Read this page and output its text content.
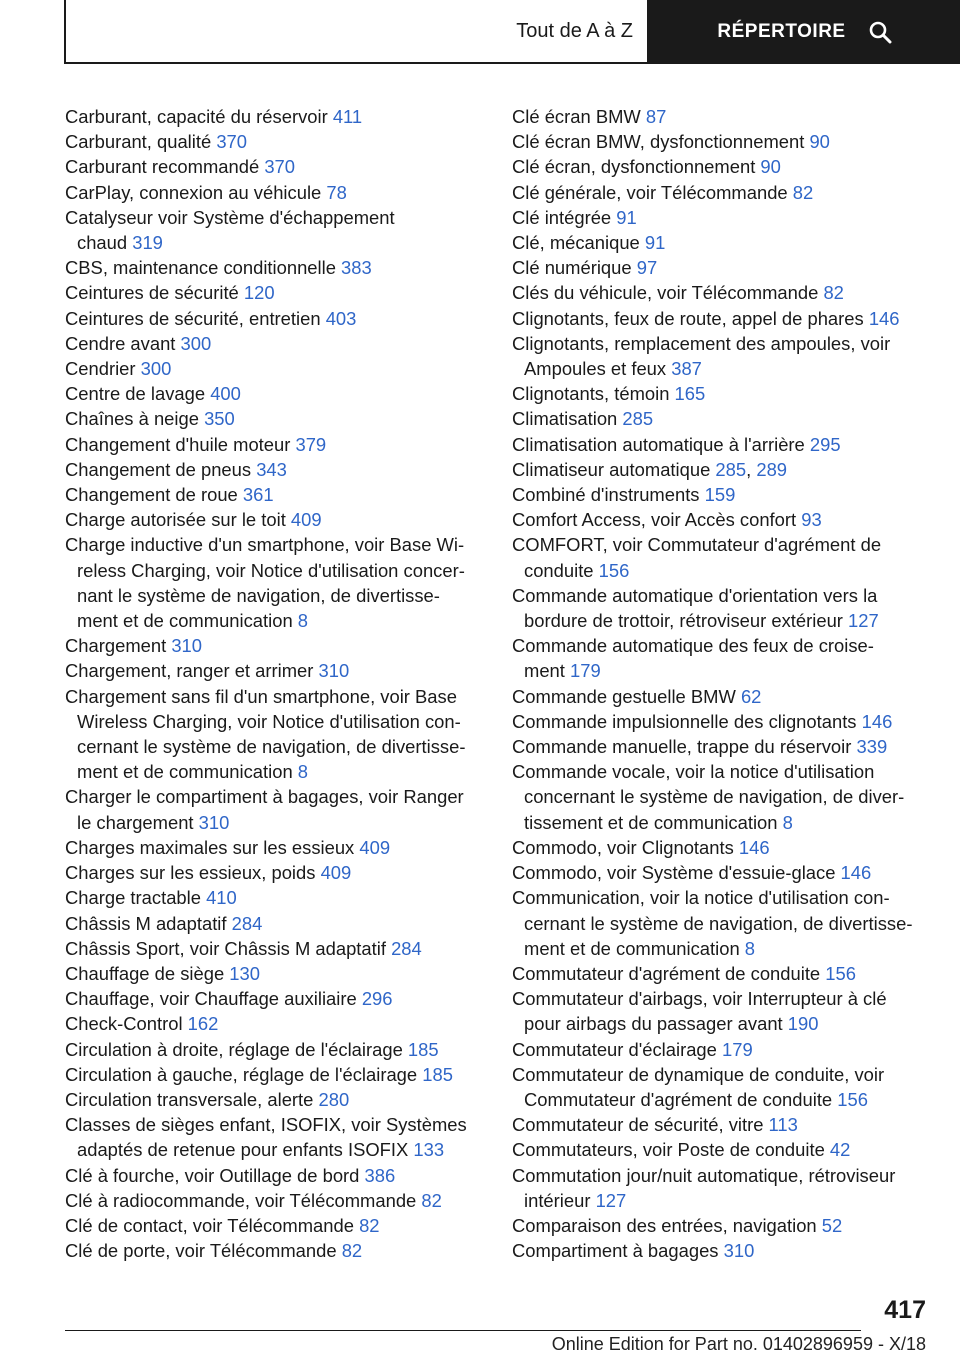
Tout de A à Z	RÉPERTOIRE
Carburant, capacité du réservoir 411
Carburant, qualité 370
Carburant recommandé 370
CarPlay, connexion au véhicule 78
Catalyseur voir Système d'échappement
chaud 319
CBS, maintenance conditionnelle 383
Ceintures de sécurité 120
Ceintures de sécurité, entretien 403
Cendre avant 300
Cendrier 300
Centre de lavage 400
Chaînes à neige 350
Changement d'huile moteur 379
Changement de pneus 343
Changement de roue 361
Charge autorisée sur le toit 409
Charge inductive d'un smartphone, voir Base Wi‐
reless Charging, voir Notice d'utilisation concer‐
nant le système de navigation, de divertisse‐
ment et de communication 8
Chargement 310
Chargement, ranger et arrimer 310
Chargement sans fil d'un smartphone, voir Base
Wireless Charging, voir Notice d'utilisation con‐
cernant le système de navigation, de divertisse‐
ment et de communication 8
Charger le compartiment à bagages, voir Ranger
le chargement 310
Charges maximales sur les essieux 409
Charges sur les essieux, poids 409
Charge tractable 410
Châssis M adaptatif 284
Châssis Sport, voir Châssis M adaptatif 284
Chauffage de siège 130
Chauffage, voir Chauffage auxiliaire 296
Check-Control 162
Circulation à droite, réglage de l'éclairage 185
Circulation à gauche, réglage de l'éclairage 185
Circulation transversale, alerte 280
Classes de sièges enfant, ISOFIX, voir Systèmes
adaptés de retenue pour enfants ISOFIX 133
Clé à fourche, voir Outillage de bord 386
Clé à radiocommande, voir Télécommande 82
Clé de contact, voir Télécommande 82
Clé de porte, voir Télécommande 82
Clé écran BMW 87
Clé écran BMW, dysfonctionnement 90
Clé écran, dysfonctionnement 90
Clé générale, voir Télécommande 82
Clé intégrée 91
Clé, mécanique 91
Clé numérique 97
Clés du véhicule, voir Télécommande 82
Clignotants, feux de route, appel de phares 146
Clignotants, remplacement des ampoules, voir
Ampoules et feux 387
Clignotants, témoin 165
Climatisation 285
Climatisation automatique à l'arrière 295
Climatiseur automatique 285, 289
Combiné d'instruments 159
Comfort Access, voir Accès confort 93
COMFORT, voir Commutateur d'agrément de
conduite 156
Commande automatique d'orientation vers la
bordure de trottoir, rétroviseur extérieur 127
Commande automatique des feux de croise‐
ment 179
Commande gestuelle BMW 62
Commande impulsionnelle des clignotants 146
Commande manuelle, trappe du réservoir 339
Commande vocale, voir la notice d'utilisation
concernant le système de navigation, de diver‐
tissement et de communication 8
Commodo, voir Clignotants 146
Commodo, voir Système d'essuie-glace 146
Communication, voir la notice d'utilisation con‐
cernant le système de navigation, de divertisse‐
ment et de communication 8
Commutateur d'agrément de conduite 156
Commutateur d'airbags, voir Interrupteur à clé
pour airbags du passager avant 190
Commutateur d'éclairage 179
Commutateur de dynamique de conduite, voir
Commutateur d'agrément de conduite 156
Commutateur de sécurité, vitre 113
Commutateurs, voir Poste de conduite 42
Commutation jour/nuit automatique, rétroviseur
intérieur 127
Comparaison des entrées, navigation 52
Compartiment à bagages 310
417
Online Edition for Part no. 01402896959 - X/18
